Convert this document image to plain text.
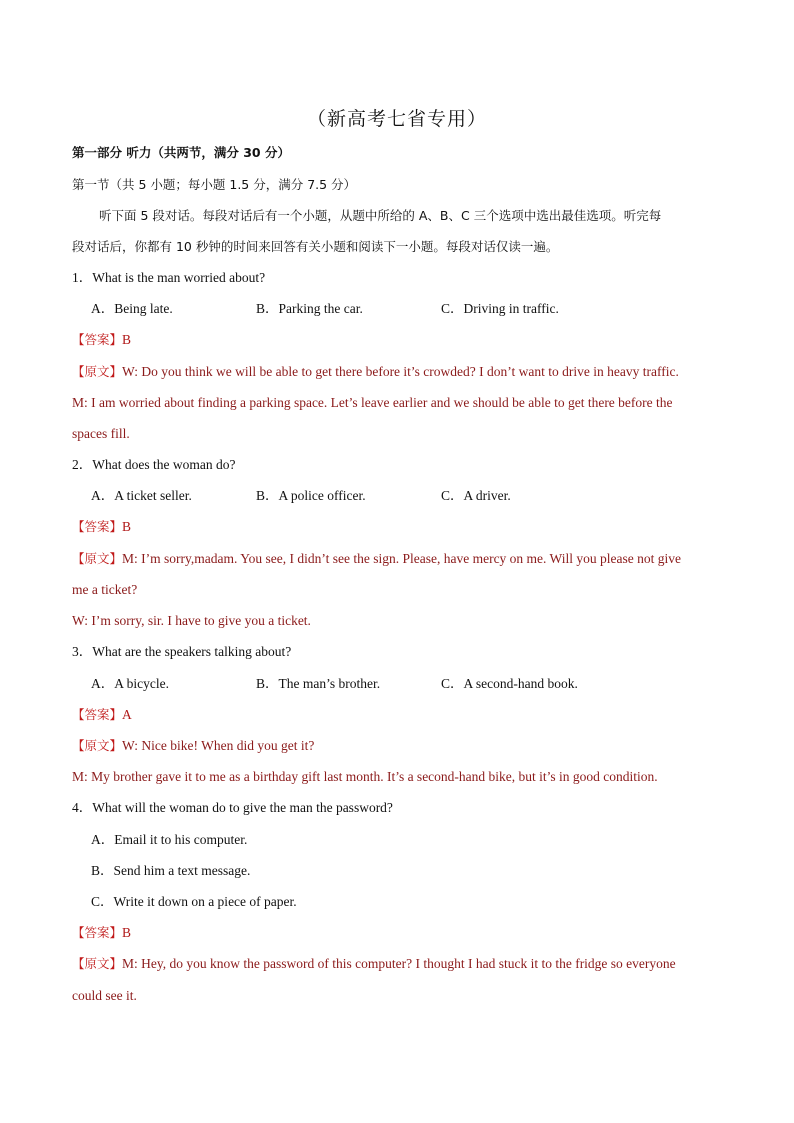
（新高考七省专用）
第一部分 听力（共两节，满分 30 分）
第一节（共 5 小题；每小题 1.5 分，满分 7.5 分）
听下面 5 段对话。每段对话后有一个小题，从题中所给的 A、B、C 三个选项中选出最佳选项。听完每
段对话后，你都有 10 秒钟的时间来回答有关小题和阅读下一小题。每段对话仅读一遍。
1．What is the man worried about?
A．Being late.	B．Parking the car.	C．Driving in traffic.
【答案】B
【原文】W: Do you think we will be able to get there before it’s crowded? I don’t want to drive in heavy traffic.
M: I am worried about finding a parking space. Let’s leave earlier and we should be able to get there before the
spaces fill.
2．What does the woman do?
A．A ticket seller.	B．A police officer.	C．A driver.
【答案】B
【原文】M: I’m sorry,madam. You see, I didn’t see the sign. Please, have mercy on me. Will you please not give
me a ticket?
W: I’m sorry, sir. I have to give you a ticket.
3．What are the speakers talking about?
A．A bicycle.	B．The man’s brother.	C．A second-hand book.
【答案】A
【原文】W: Nice bike! When did you get it?
M: My brother gave it to me as a birthday gift last month. It’s a second-hand bike, but it’s in good condition.
4．What will the woman do to give the man the password?
A．Email it to his computer.
B．Send him a text message.
C．Write it down on a piece of paper.
【答案】B
【原文】M: Hey, do you know the password of this computer? I thought I had stuck it to the fridge so everyone
could see it.
